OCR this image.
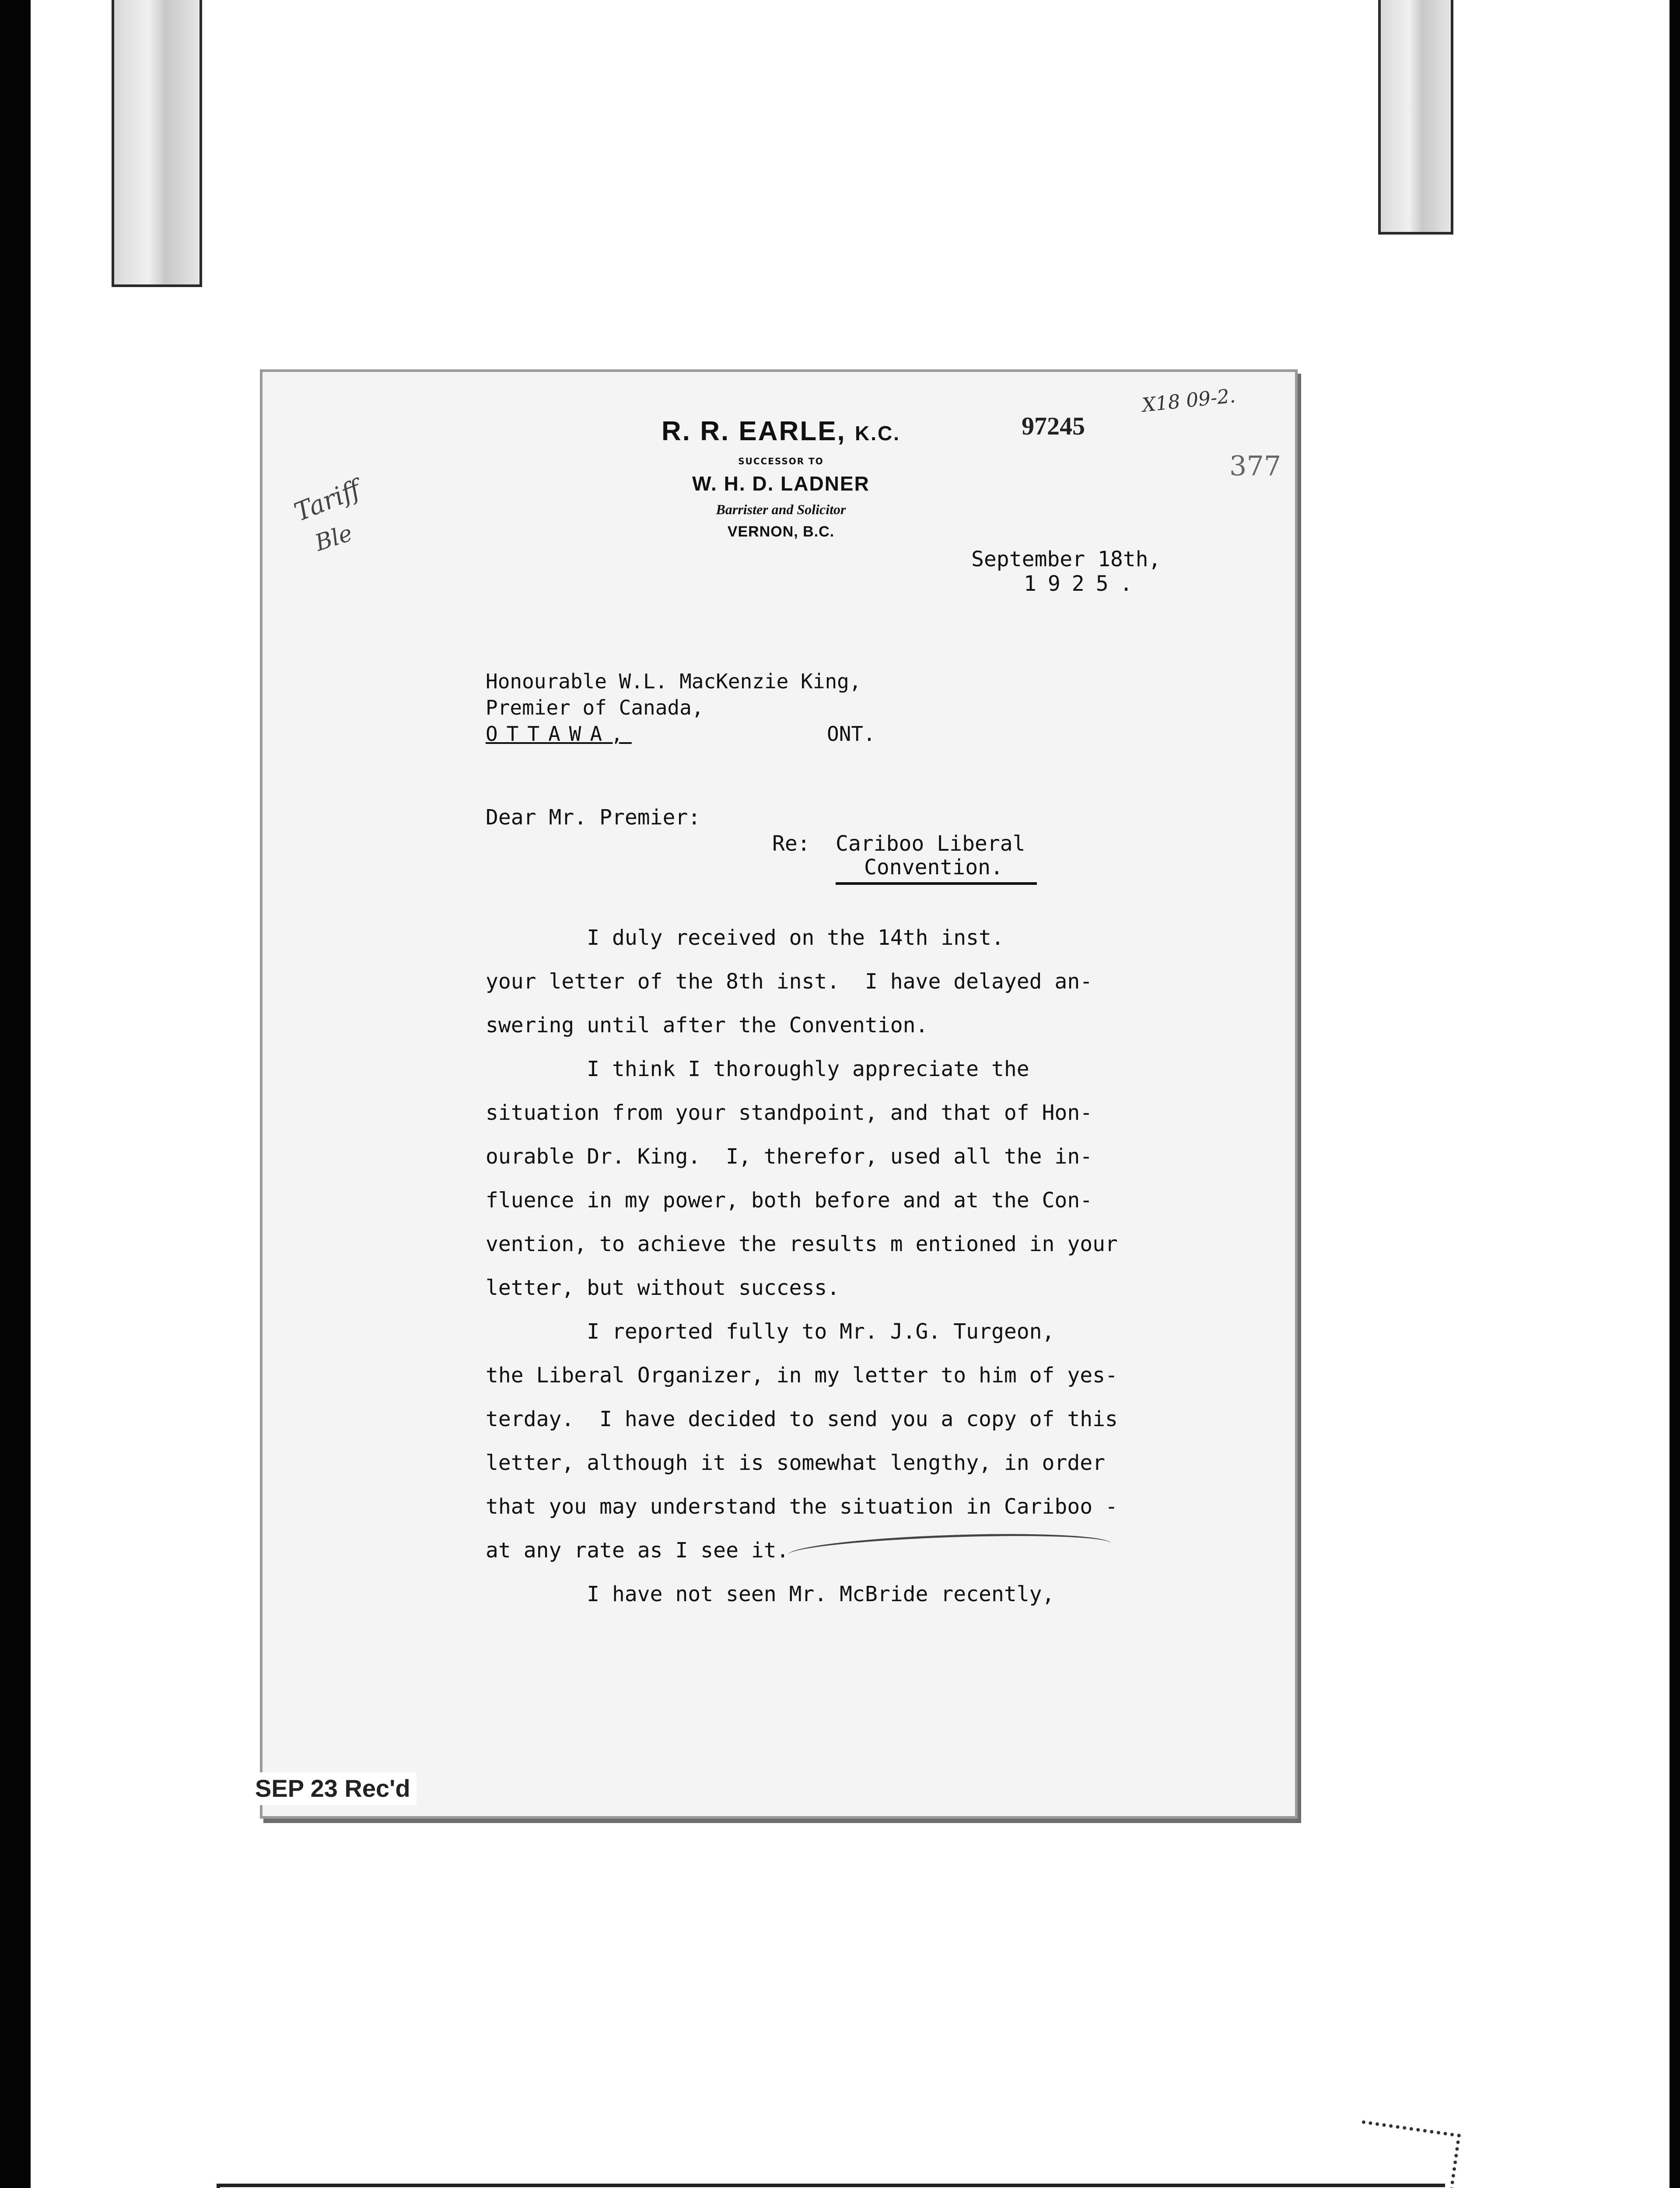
R. R. EARLE, K.C.
SUCCESSOR TO
W. H. D. LADNER
Barrister and Solicitor
VERNON, B.C.
97245
X18 09-2.
377
Tariff
Ble
September 18th,
1925.
Honourable W.L. MacKenzie King,
Premier of Canada,
OTTAWA,	ONT.
Dear Mr. Premier:
Re: Cariboo Liberal
Convention.
I duly received on the 14th inst.
your letter of the 8th inst.  I have delayed an-
swering until after the Convention.
I think I thoroughly appreciate the
situation from your standpoint, and that of Hon-
ourable Dr. King.  I, therefor, used all the in-
fluence in my power, both before and at the Con-
vention, to achieve the results m entioned in your
letter, but without success.
I reported fully to Mr. J.G. Turgeon,
the Liberal Organizer, in my letter to him of yes-
terday.  I have decided to send you a copy of this
letter, although it is somewhat lengthy, in order
that you may understand the situation in Cariboo -
at any rate as I see it.
I have not seen Mr. McBride recently,
SEP 23 Rec'd
